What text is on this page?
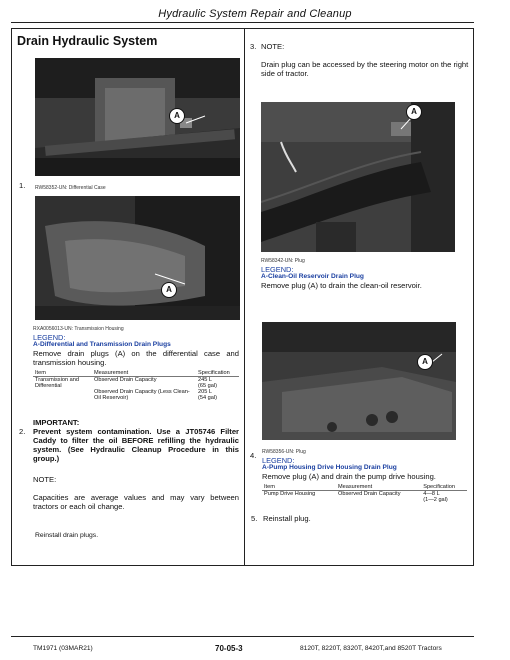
Hydraulic System Repair and Cleanup
Drain Hydraulic System
A
1. RW58352-UN: Differential Case
A
RXA0056013-UN: Transmission Housing
LEGEND:
A-Differential and Transmission Drain Plugs
Remove drain plugs (A) on the differential case and transmission housing.
Item	Measurement	Specification
Transmission and Differential	Observed Drain Capacity	245 L
(65 gal)

	Observed Drain Capacity (Less Clean-Oil Reservoir)	205 L
(54 gal)
IMPORTANT:
2. Prevent system contamination. Use a JT05746 Filter Caddy to filter the oil BEFORE refilling the hydraulic system. (See Hydraulic Cleanup Procedure in this group.)
NOTE:
Capacities are average values and may vary between tractors or each oil change.
Reinstall drain plugs.
3. NOTE:
Drain plug can be accessed by the steering motor on the right side of tractor.
A
RW58342-UN: Plug
LEGEND:
A-Clean-Oil Reservoir Drain Plug
Remove plug (A) to drain the clean-oil reservoir.
A
4. RW58356-UN: Plug
LEGEND:
A-Pump Housing Drive Housing Drain Plug
Remove plug (A) and drain the pump drive housing.
Item	Measurement	Specification
Pump Drive Housing	Observed Drain Capacity	4—8 L
(1—2 gal)
5. Reinstall plug.
TM1971 (03MAR21)	70-05-3	8120T, 8220T, 8320T, 8420T,and 8520T Tractors
